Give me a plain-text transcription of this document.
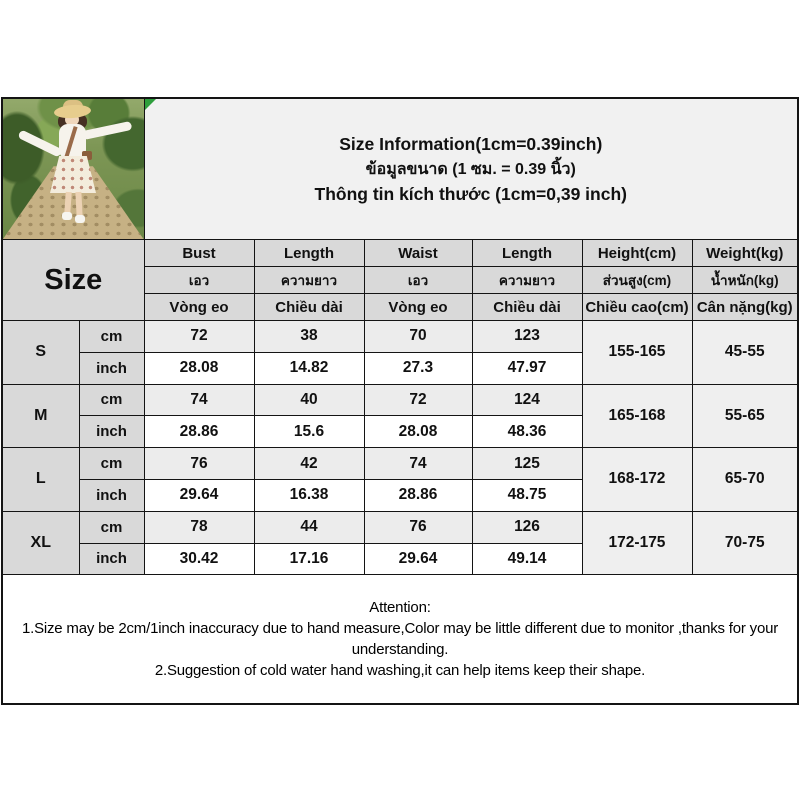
		Size Information(1cm=0.39inch)
ข้อมูลขนาด (1 ซม. = 0.39 นิ้ว)
Thông tin kích thước (1cm=0,39 inch)					

Size		Bust	Length	Waist	Length	Height(cm)	Weight(kg)
		เอว	ความยาว	เอว	ความยาว	ส่วนสูง(cm)	น้ำหนัก(kg)
		Vòng eo	Chiều dài	Vòng eo	Chiều dài	Chiều cao(cm)	Cân nặng(kg)
S	cm	72	38	70	123	155-165	45-55
	inch	28.08	14.82	27.3	47.97		
M	cm	74	40	72	124	165-168	55-65
	inch	28.86	15.6	28.08	48.36		
L	cm	76	42	74	125	168-172	65-70
	inch	29.64	16.38	28.86	48.75		
XL	cm	78	44	76	126	172-175	70-75
	inch	30.42	17.16	29.64	49.14		

Attention:
1.Size may be 2cm/1inch inaccuracy due to hand measure,Color may be little different due to monitor ,thanks for your understanding.
2.Suggestion of cold water hand washing,it can help items keep their shape.							
